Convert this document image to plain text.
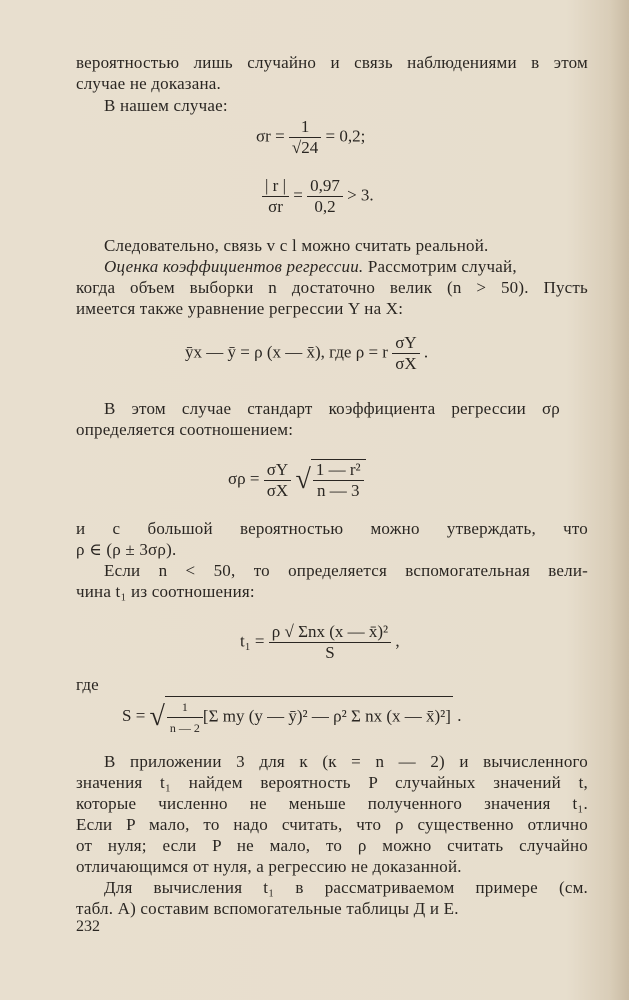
вероятностью лишь случайно и связь наблюдениями в этом

случае не доказана.

В нашем случае:

$\sigma r = \frac{1}{√24} = 0,2$;
$\frac{| r |}{\sigma r} = \frac{0,97}{0,2} > 3$.

Следовательно, связь v с l можно считать реальной.

Оценка коэффициентов регрессии. Рассмотрим случай,

когда объем выборки n достаточно велик (n > 50). Пусть

имеется также уравнение регрессии Y на X:

ȳx — ȳ = ρ (x — x̄), где ρ = r $\frac{\sigma Y}{\sigma X}$ .

В этом случае стандарт коэффициента регрессии σρ

определяется соотношением:

$\sigma\rho = \frac{\sigma Y}{\sigma X}$ √ $\frac{\text{1 — r²}}{n — 3}$

и с большой вероятностью можно утверждать, что

ρ ∈ (ρ ± 3σρ).

Если n < 50, то определяется вспомогательная вели-

чина t₁ из соотношения:

$t_1 = \frac{\text{ρ √ Σnx (x — x̄)²}}{S}$ ,

где

S = √ $\frac{1}{n — 2} [\Sigma$ my (y — ȳ)² — ρ² Σ nx (x — x̄)²] .

В приложении 3 для к (к = n — 2) и вычисленного

значения t₁ найдем вероятность P случайных значений t,

которые численно не меньше полученного значения t₁.

Если P мало, то надо считать, что ρ существенно отлично

от нуля; если P не мало, то ρ можно считать случайно

отличающимся от нуля, а регрессию не доказанной.

Для вычисления t₁ в рассматриваемом примере (см.

табл. А) составим вспомогательные таблицы Д и Е.

232
